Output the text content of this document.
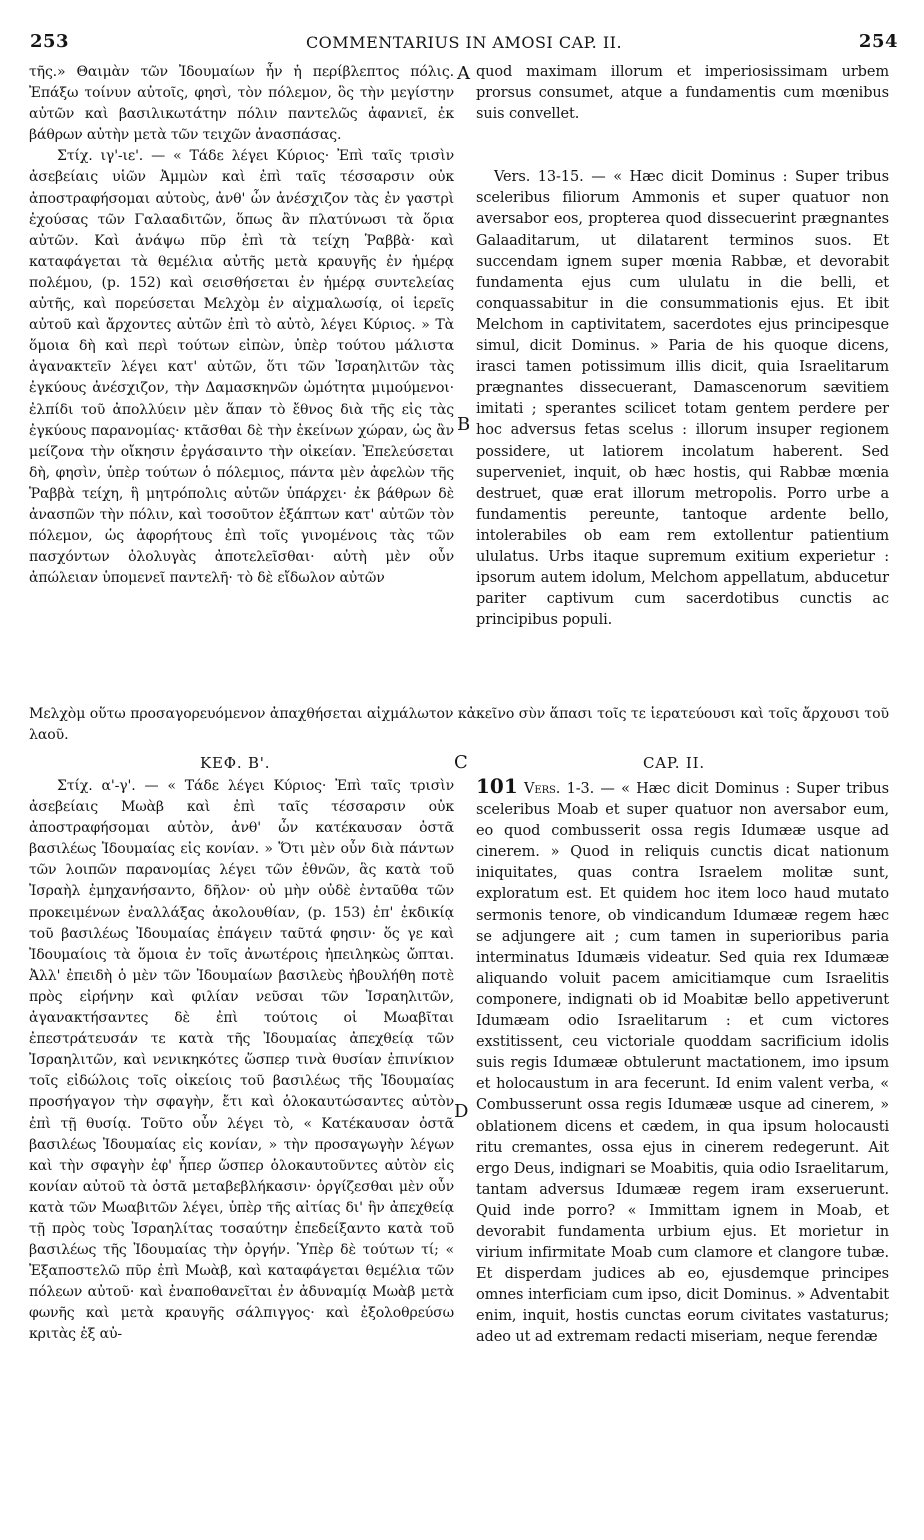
253	COMMENTARIUS IN AMOSI CAP. II.	254

τῆς.» Θαιμὰν τῶν Ἰδουμαίων ἦν ἡ περίβλεπτος πόλις. Ἐπάξω τοίνυν αὐτοῖς, φησὶ, τὸν πόλεμον, ὃς τὴν μεγίστην αὐτῶν καὶ βασιλικωτάτην πόλιν παντελῶς ἀφανιεῖ, ἐκ βάθρων αὐτὴν μετὰ τῶν τειχῶν ἀνασπάσας.

Στίχ. ιγ'-ιε'. — « Τάδε λέγει Κύριος· Ἐπὶ ταῖς τρισὶν ἀσεβείαις υἱῶν Ἀμμὼν καὶ ἐπὶ ταῖς τέσσαρσιν οὐκ ἀποστραφήσομαι αὐτοὺς, ἀνθ' ὧν ἀνέσχιζον τὰς ἐν γαστρὶ ἐχούσας τῶν Γαλααδιτῶν, ὅπως ἂν πλατύνωσι τὰ ὅρια αὐτῶν. Καὶ ἀνάψω πῦρ ἐπὶ τὰ τείχη Ῥαββὰ· καὶ καταφάγεται τὰ θεμέλια αὐτῆς μετὰ κραυγῆς ἐν ἡμέρᾳ πολέμου, (p. 152) καὶ σεισθήσεται ἐν ἡμέρᾳ συντελείας αὐτῆς, καὶ πορεύσεται Μελχὸμ ἐν αἰχμαλωσίᾳ, οἱ ἱερεῖς αὐτοῦ καὶ ἄρχοντες αὐτῶν ἐπὶ τὸ αὐτὸ, λέγει Κύριος. » Τὰ ὅμοια δὴ καὶ περὶ τούτων εἰπὼν, ὑπὲρ τούτου μάλιστα ἀγανακτεῖν λέγει κατ' αὐτῶν, ὅτι τῶν Ἰσραηλιτῶν τὰς ἐγκύους ἀνέσχιζον, τὴν Δαμασκηνῶν ὠμότητα μιμούμενοι· ἐλπίδι τοῦ ἀπολλύειν μὲν ἅπαν τὸ ἔθνος διὰ τῆς εἰς τὰς ἐγκύους παρανομίας· κτᾶσθαι δὲ τὴν ἐκείνων χώραν, ὡς ἂν μείζονα τὴν οἴκησιν ἐργάσαιντο τὴν οἰκείαν. Ἐπελεύσεται δὴ, φησὶν, ὑπὲρ τούτων ὁ πόλεμιος, πάντα μὲν ἀφελὼν τῆς Ῥαββὰ τείχη, ἣ μητρόπολις αὐτῶν ὑπάρχει· ἐκ βάθρων δὲ ἀνασπῶν τὴν πόλιν, καὶ τοσοῦτον ἐξάπτων κατ' αὐτῶν τὸν πόλεμον, ὡς ἀφορήτους ἐπὶ τοῖς γινομένοις τὰς τῶν πασχόντων ὀλολυγὰς ἀποτελεῖσθαι· αὐτὴ μὲν οὖν ἀπώλειαν ὑπομενεῖ παντελῆ· τὸ δὲ εἴδωλον αὐτῶν

quod maximam illorum et imperiosissimam urbem prorsus consumet, atque a fundamentis cum mœnibus suis convellet.

Vers. 13-15. — « Hæc dicit Dominus : Super tribus sceleribus filiorum Ammonis et super quatuor non aversabor eos, propterea quod dissecuerint prægnantes Galaaditarum, ut dilatarent terminos suos. Et succendam ignem super mœnia Rabbæ, et devorabit fundamenta ejus cum ululatu in die belli, et conquassabitur in die consummationis ejus. Et ibit Melchom in captivitatem, sacerdotes ejus principesque simul, dicit Dominus. » Paria de his quoque dicens, irasci tamen potissimum illis dicit, quia Israelitarum prægnantes dissecuerant, Damascenorum sævitiem imitati ; sperantes scilicet totam gentem perdere per hoc adversus fetas scelus : illorum insuper regionem possidere, ut latiorem incolatum haberent. Sed superveniet, inquit, ob hæc hostis, qui Rabbæ mœnia destruet, quæ erat illorum metropolis. Porro urbe a fundamentis pereunte, tantoque ardente bello, intolerabiles ob eam rem extollentur patientium ululatus. Urbs itaque supremum exitium experietur : ipsorum autem idolum, Melchom appellatum, abducetur pariter captivum cum sacerdotibus cunctis ac principibus populi.

A
B

Μελχὸμ οὕτω προσαγορευόμενον ἀπαχθήσεται αἰχμάλωτον κἀκεῖνο σὺν ἅπασι τοῖς τε ἱερατεύουσι καὶ τοῖς ἄρχουσι τοῦ λαοῦ.

ΚΕΦ. Β'.	C	CAP. II.

Στίχ. α'-γ'. — « Τάδε λέγει Κύριος· Ἐπὶ ταῖς τρισὶν ἀσεβείαις Μωὰβ καὶ ἐπὶ ταῖς τέσσαρσιν οὐκ ἀποστραφήσομαι αὐτὸν, ἀνθ' ὧν κατέκαυσαν ὀστᾶ βασιλέως Ἰδουμαίας εἰς κονίαν. » Ὅτι μὲν οὖν διὰ πάντων τῶν λοιπῶν παρανομίας λέγει τῶν ἐθνῶν, ἃς κατὰ τοῦ Ἰσραὴλ ἐμηχανήσαντο, δῆλον· οὐ μὴν οὐδὲ ἐνταῦθα τῶν προκειμένων ἐναλλάξας ἀκολουθίαν, (p. 153) ἐπ' ἐκδικίᾳ τοῦ βασιλέως Ἰδουμαίας ἐπάγειν ταῦτά φησιν· ὅς γε καὶ Ἰδουμαίοις τὰ ὅμοια ἐν τοῖς ἀνωτέροις ἠπειληκὼς ὤπται. Ἀλλ' ἐπειδὴ ὁ μὲν τῶν Ἰδουμαίων βασιλεὺς ἠβουλήθη ποτὲ πρὸς εἰρήνην καὶ φιλίαν νεῦσαι τῶν Ἰσραηλιτῶν, ἀγανακτήσαντες δὲ ἐπὶ τούτοις οἱ Μωαβῖται ἐπεστράτευσάν τε κατὰ τῆς Ἰδουμαίας ἀπεχθείᾳ τῶν Ἰσραηλιτῶν, καὶ νενικηκότες ὥσπερ τινὰ θυσίαν ἐπινίκιον τοῖς εἰδώλοις τοῖς οἰκείοις τοῦ βασιλέως τῆς Ἰδουμαίας προσήγαγον τὴν σφαγὴν, ἔτι καὶ ὁλοκαυτώσαντες αὐτὸν ἐπὶ τῇ θυσίᾳ. Τοῦτο οὖν λέγει τὸ, « Κατέκαυσαν ὀστᾶ βασιλέως Ἰδουμαίας εἰς κονίαν, » τὴν προσαγωγὴν λέγων καὶ τὴν σφαγὴν ἐφ' ἧπερ ὥσπερ ὁλοκαυτοῦντες αὐτὸν εἰς κονίαν αὐτοῦ τὰ ὀστᾶ μεταβεβλήκασιν· ὀργίζεσθαι μὲν οὖν κατὰ τῶν Μωαβιτῶν λέγει, ὑπὲρ τῆς αἰτίας δι' ἣν ἀπεχθείᾳ τῇ πρὸς τοὺς Ἰσραηλίτας τοσαύτην ἐπεδείξαντο κατὰ τοῦ βασιλέως τῆς Ἰδουμαίας τὴν ὀργήν. Ὑπὲρ δὲ τούτων τί; « Ἐξαποστελῶ πῦρ ἐπὶ Μωὰβ, καὶ καταφάγεται θεμέλια τῶν πόλεων αὐτοῦ· καὶ ἐναποθανεῖται ἐν ἀδυναμίᾳ Μωὰβ μετὰ φωνῆς καὶ μετὰ κραυγῆς σάλπιγγος· καὶ ἐξολοθρεύσω κριτὰς ἐξ αὐ-

101 Vers. 1-3. — « Hæc dicit Dominus : Super tribus sceleribus Moab et super quatuor non aversabor eum, eo quod combusserit ossa regis Idumææ usque ad cinerem. » Quod in reliquis cunctis dicat nationum iniquitates, quas contra Israelem molitæ sunt, exploratum est. Et quidem hoc item loco haud mutato sermonis tenore, ob vindicandum Idumææ regem hæc se adjungere ait ; cum tamen in superioribus paria interminatus Idumæis videatur. Sed quia rex Idumææ aliquando voluit pacem amicitiamque cum Israelitis componere, indignati ob id Moabitæ bello appetiverunt Idumæam odio Israelitarum : et cum victores exstitissent, ceu victoriale quoddam sacrificium idolis suis regis Idumææ obtulerunt mactationem, imo ipsum et holocaustum in ara fecerunt. Id enim valent verba, « Combusserunt ossa regis Idumææ usque ad cinerem, » oblationem dicens et cædem, in qua ipsum holocausti ritu cremantes, ossa ejus in cinerem redegerunt. Ait ergo Deus, indignari se Moabitis, quia odio Israelitarum, tantam adversus Idumææ regem iram exseruerunt. Quid inde porro? « Immittam ignem in Moab, et devorabit fundamenta urbium ejus. Et morietur in virium infirmitate Moab cum clamore et clangore tubæ. Et disperdam judices ab eo, ejusdemque principes omnes interficiam cum ipso, dicit Dominus. » Adventabit enim, inquit, hostis cunctas eorum civitates vastaturus; adeo ut ad extremam redacti miseriam, neque ferendæ

D
